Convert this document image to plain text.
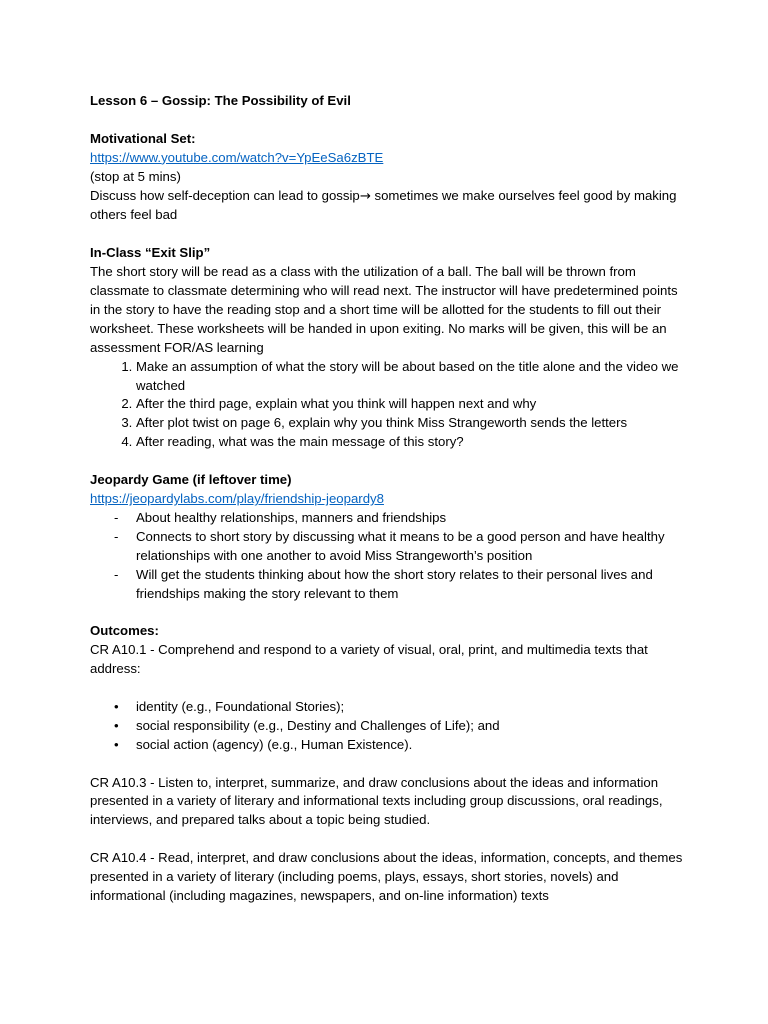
Lesson 6 – Gossip: The Possibility of Evil

Motivational Set:

https://www.youtube.com/watch?v=YpEeSa6zBTE

(stop at 5 mins)

Discuss how self-deception can lead to gossip→ sometimes we make ourselves feel good by making others feel bad

In-Class “Exit Slip”

The short story will be read as a class with the utilization of a ball. The ball will be thrown from classmate to classmate determining who will read next. The instructor will have predetermined points in the story to have the reading stop and a short time will be allotted for the students to fill out their worksheet. These worksheets will be handed in upon exiting. No marks will be given, this will be an assessment FOR/AS learning

1. Make an assumption of what the story will be about based on the title alone and the video we watched
2. After the third page, explain what you think will happen next and why
3. After plot twist on page 6, explain why you think Miss Strangeworth sends the letters
4. After reading, what was the main message of this story?

Jeopardy Game (if leftover time)

https://jeopardylabs.com/play/friendship-jeopardy8

- About healthy relationships, manners and friendships
- Connects to short story by discussing what it means to be a good person and have healthy relationships with one another to avoid Miss Strangeworth’s position
- Will get the students thinking about how the short story relates to their personal lives and friendships making the story relevant to them

Outcomes:

CR A10.1 - Comprehend and respond to a variety of visual, oral, print, and multimedia texts that address:

• identity (e.g., Foundational Stories);
• social responsibility (e.g., Destiny and Challenges of Life); and
• social action (agency) (e.g., Human Existence).

CR A10.3 - Listen to, interpret, summarize, and draw conclusions about the ideas and information presented in a variety of literary and informational texts including group discussions, oral readings, interviews, and prepared talks about a topic being studied.

CR A10.4 - Read, interpret, and draw conclusions about the ideas, information, concepts, and themes presented in a variety of literary (including poems, plays, essays, short stories, novels) and informational (including magazines, newspapers, and on-line information) texts
